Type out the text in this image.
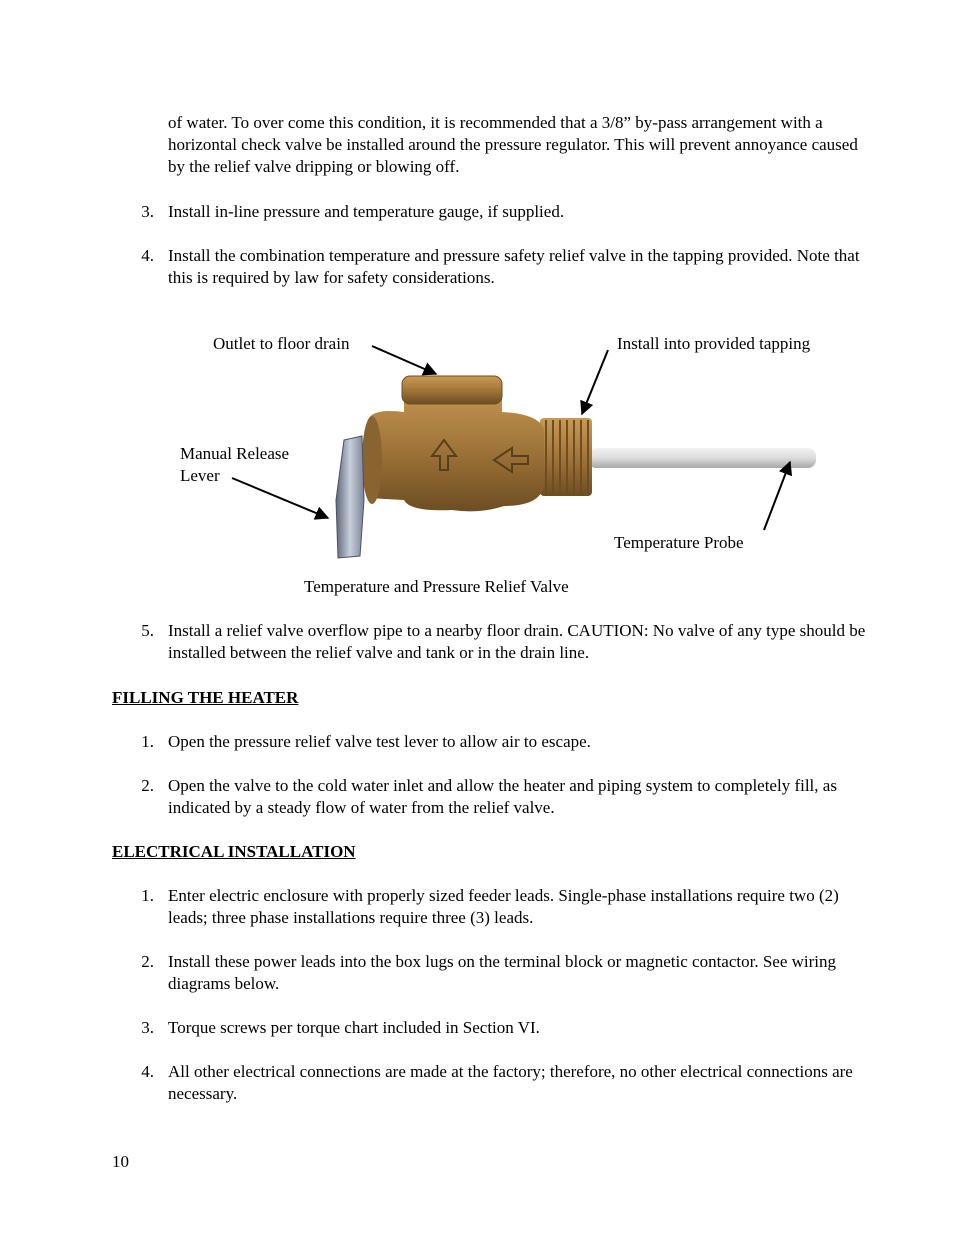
of water. To over come this condition, it is recommended that a 3/8” by-pass arrangement with a horizontal check valve be installed around the pressure regulator. This will prevent annoyance caused by the relief valve dripping or blowing off.

3. Install in-line pressure and temperature gauge, if supplied.

4. Install the combination temperature and pressure safety relief valve in the tapping provided. Note that this is required by law for safety considerations.

Outlet to floor drain	Install into provided tapping
Manual Release
Lever
Temperature Probe
Temperature and Pressure Relief Valve
5. Install a relief valve overflow pipe to a nearby floor drain. CAUTION: No valve of any type should be installed between the relief valve and tank or in the drain line.

FILLING THE HEATER
1. Open the pressure relief valve test lever to allow air to escape.

2. Open the valve to the cold water inlet and allow the heater and piping system to completely fill, as indicated by a steady flow of water from the relief valve.

ELECTRICAL INSTALLATION
1. Enter electric enclosure with properly sized feeder leads. Single-phase installations require two (2) leads; three phase installations require three (3) leads.

2. Install these power leads into the box lugs on the terminal block or magnetic contactor. See wiring diagrams below.

3. Torque screws per torque chart included in Section VI.

4. All other electrical connections are made at the factory; therefore, no other electrical connections are necessary.

10
